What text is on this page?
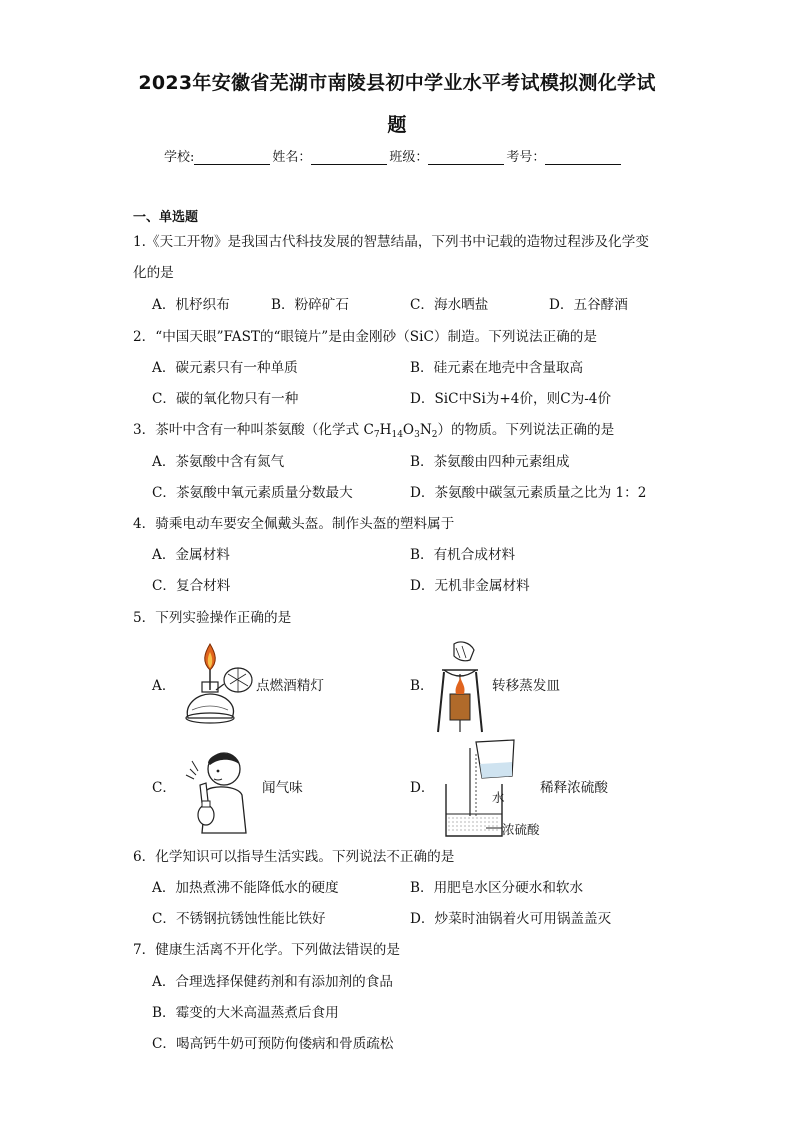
2023年安徽省芜湖市南陵县初中学业水平考试模拟测化学试
题
学校:	姓名：	班级：	考号：
一、单选题
1.《天工开物》是我国古代科技发展的智慧结晶，下列书中记载的造物过程涉及化学变
化的是
A．机杼织布	B．粉碎矿石	C．海水晒盐	D．五谷酵酒
2．“中国天眼”FAST的“眼镜片”是由金刚砂（SiC）制造。下列说法正确的是
A．碳元素只有一种单质	B．硅元素在地壳中含量取高
C．碳的氧化物只有一种	D．SiC中Si为+4价，则C为-4价
3．茶叶中含有一种叫茶氨酸（化学式 $C_7H_{14}O_3N_2$）的物质。下列说法正确的是
A．茶氨酸中含有氮气	B．茶氨酸由四种元素组成
C．茶氨酸中氧元素质量分数最大	D．茶氨酸中碳氢元素质量之比为 1：2
4．骑乘电动车要安全佩戴头盔。制作头盔的塑料属于
A．金属材料	B．有机合成材料
C．复合材料	D．无机非金属材料
5．下列实验操作正确的是
A．	点燃酒精灯	B．	转移蒸发皿
C．	闻气味	D．
水
浓硫酸
稀释浓硫酸
6．化学知识可以指导生活实践。下列说法不正确的是
A．加热煮沸不能降低水的硬度	B．用肥皂水区分硬水和软水
C．不锈钢抗锈蚀性能比铁好	D．炒菜时油锅着火可用锅盖盖灭
7．健康生活离不开化学。下列做法错误的是
A．合理选择保健药剂和有添加剂的食品
B．霉变的大米高温蒸煮后食用
C．喝高钙牛奶可预防佝偻病和骨质疏松
